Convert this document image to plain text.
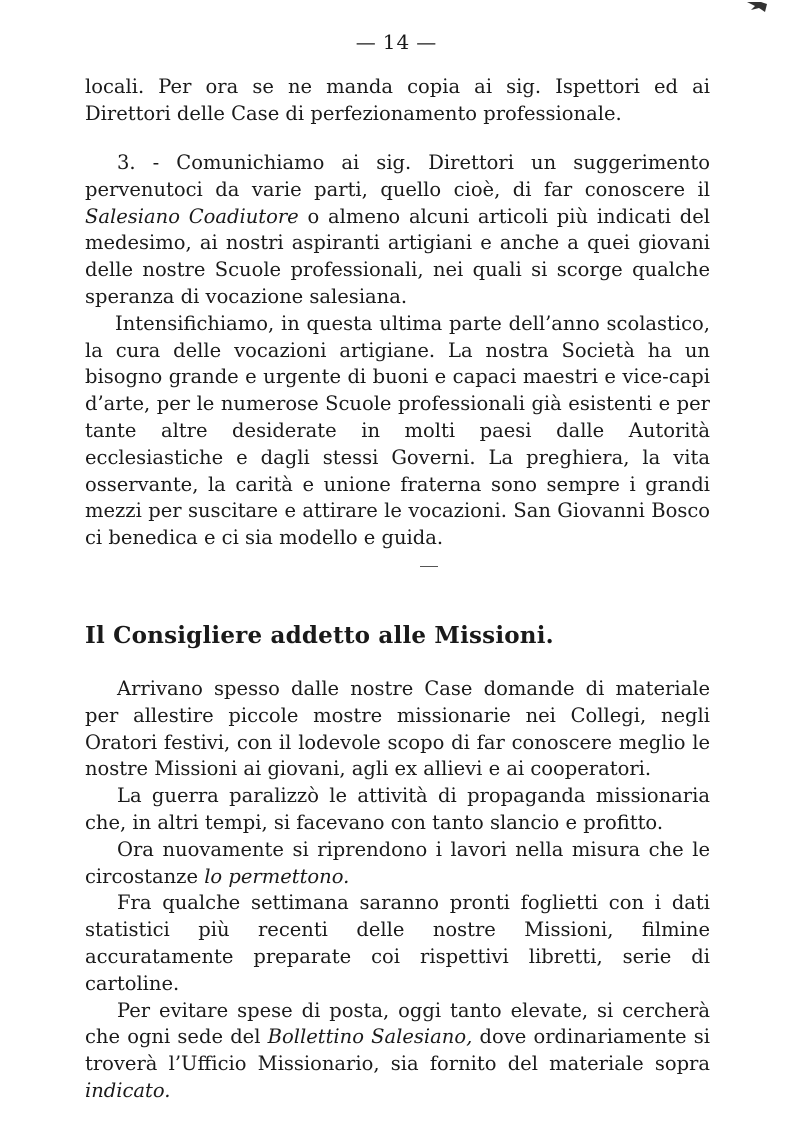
— 14 —

locali. Per ora se ne manda copia ai sig. Ispettori ed ai Direttori delle Case di perfezionamento professionale.

3. - Comunichiamo ai sig. Direttori un suggerimento pervenutoci da varie parti, quello cioè, di far conoscere il Salesiano Coadiutore o almeno alcuni articoli più indicati del medesimo, ai nostri aspiranti artigiani e anche a quei giovani delle nostre Scuole professionali, nei quali si scorge qualche speranza di vocazione salesiana.

Intensifichiamo, in questa ultima parte dell’anno scolastico, la cura delle vocazioni artigiane. La nostra Società ha un bisogno grande e urgente di buoni e capaci maestri e vice-capi d’arte, per le numerose Scuole professionali già esistenti e per tante altre desiderate in molti paesi dalle Autorità ecclesiastiche e dagli stessi Governi. La preghiera, la vita osservante, la carità e unione fraterna sono sempre i grandi mezzi per suscitare e attirare le vocazioni. San Giovanni Bosco ci benedica e ci sia modello e guida.

Il Consigliere addetto alle Missioni.

Arrivano spesso dalle nostre Case domande di materiale per allestire piccole mostre missionarie nei Collegi, negli Oratori festivi, con il lodevole scopo di far conoscere meglio le nostre Missioni ai giovani, agli ex allievi e ai cooperatori.

La guerra paralizzò le attività di propaganda missionaria che, in altri tempi, si facevano con tanto slancio e profitto.

Ora nuovamente si riprendono i lavori nella misura che le circostanze lo permettono.

Fra qualche settimana saranno pronti foglietti con i dati statistici più recenti delle nostre Missioni, filmine accuratamente preparate coi rispettivi libretti, serie di cartoline.

Per evitare spese di posta, oggi tanto elevate, si cercherà che ogni sede del Bollettino Salesiano, dove ordinariamente si troverà l’Ufficio Missionario, sia fornito del materiale sopra indicato.
